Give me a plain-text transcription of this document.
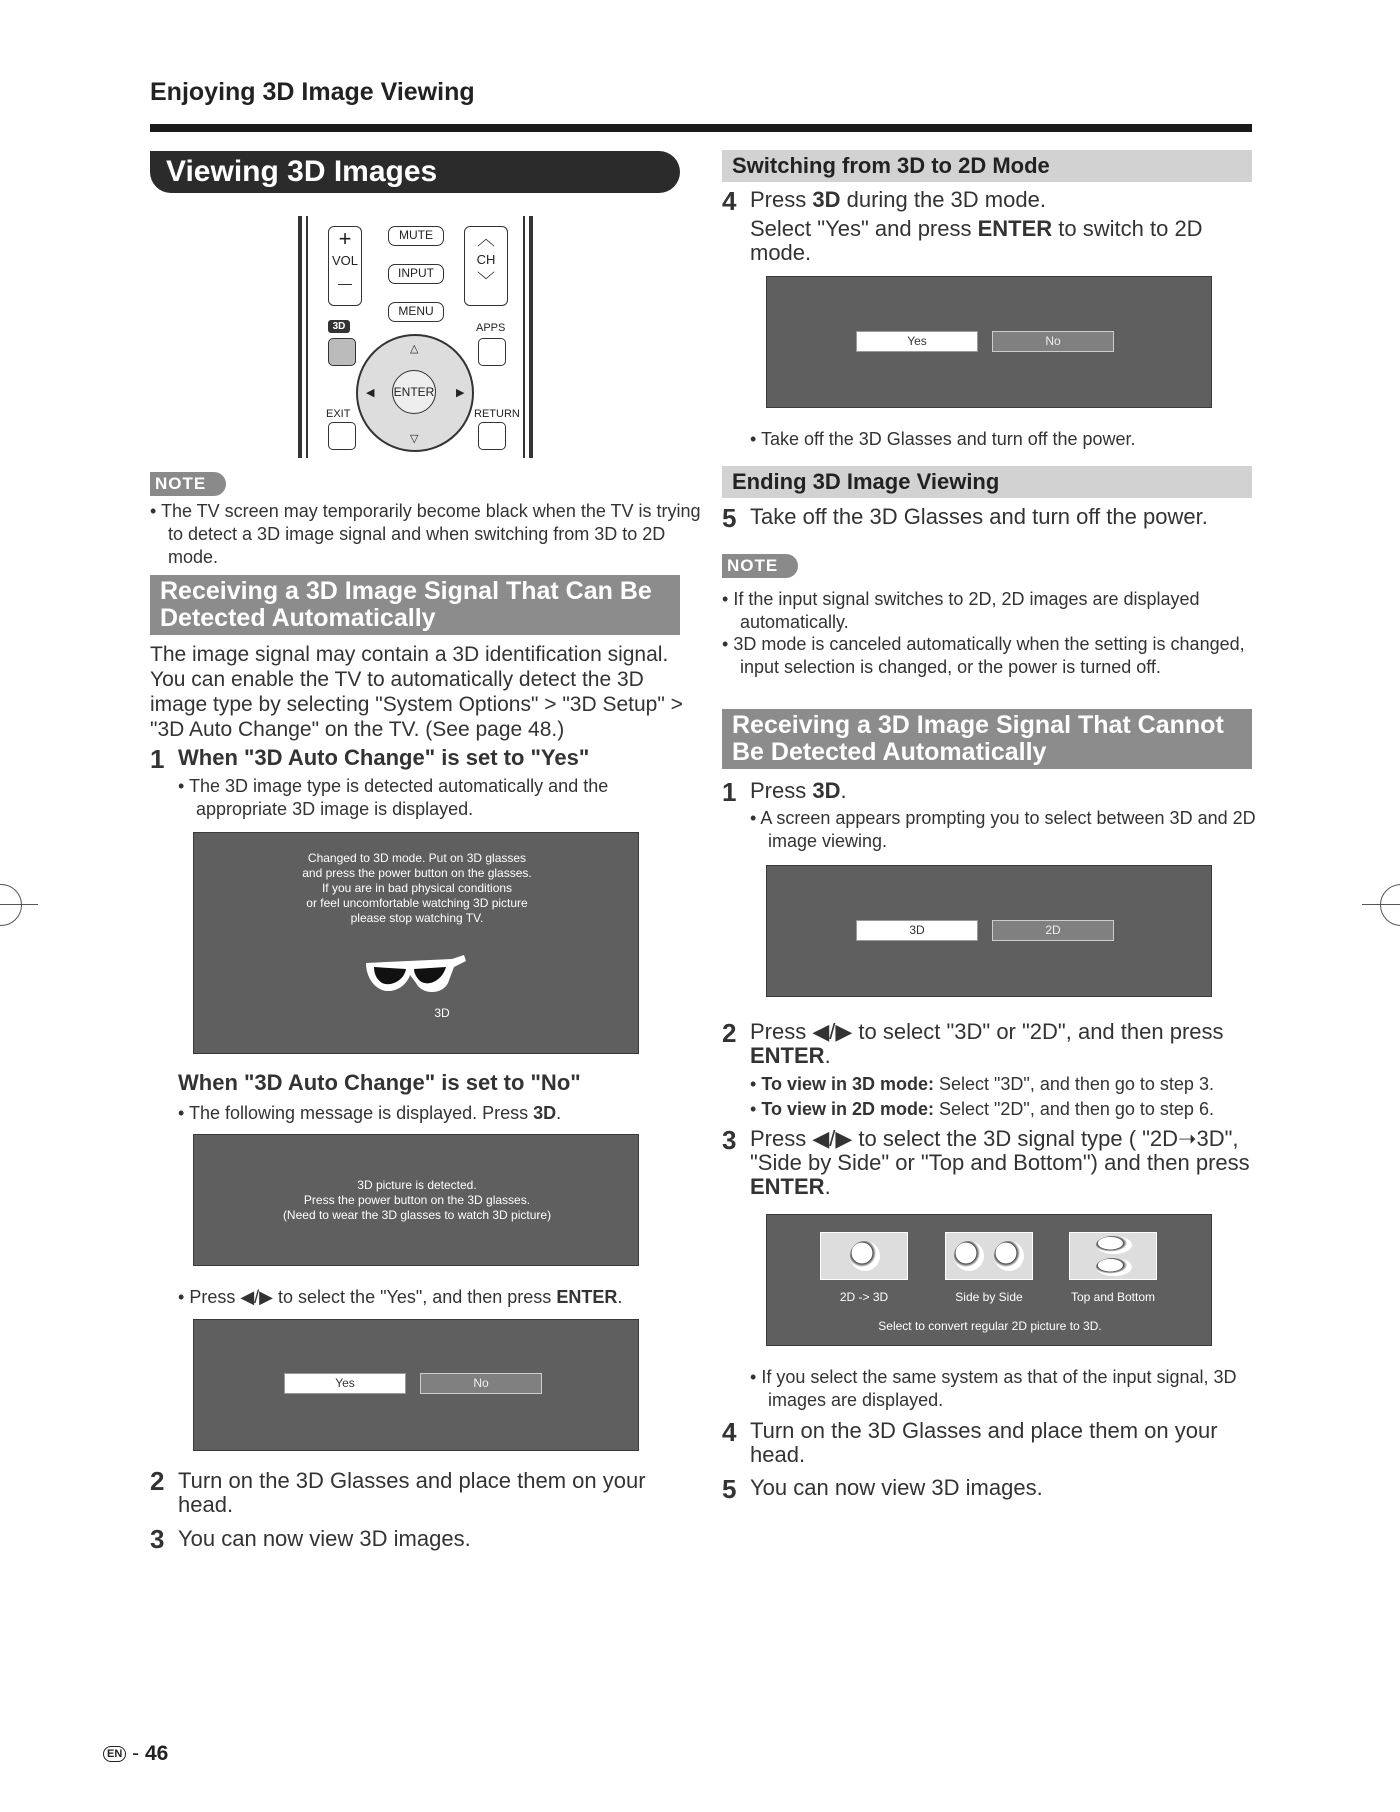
Enjoying 3D Image Viewing
Viewing 3D Images
+
VOL
—
MUTE
INPUT
MENU
︿
CH
﹀
3D	APPS
△
▽
◀	▶
ENTER
EXIT	RETURN
NOTE
• The TV screen may temporarily become black when the TV is trying to detect a 3D image signal and when switching from 3D to 2D mode.
Receiving a 3D Image Signal That Can Be Detected Automatically
The image signal may contain a 3D identification signal. You can enable the TV to automatically detect the 3D image type by selecting "System Options" > "3D Setup" > "3D Auto Change" on the TV. (See page 48.)
1 When "3D Auto Change" is set to "Yes"
• The 3D image type is detected automatically and the appropriate 3D image is displayed.
Changed to 3D mode. Put on 3D glasses
and press the power button on the glasses.
If you are in bad physical conditions
or feel uncomfortable watching 3D picture
please stop watching TV.
3D
When "3D Auto Change" is set to "No"
• The following message is displayed. Press 3D.
3D picture is detected.
Press the power button on the 3D glasses.
(Need to wear the 3D glasses to watch 3D picture)
• Press ◀/▶ to select the "Yes", and then press ENTER.
Yes	No
2 Turn on the 3D Glasses and place them on your head.
3 You can now view 3D images.
Switching from 3D to 2D Mode
4 Press 3D during the 3D mode.
Select "Yes" and press ENTER to switch to 2D mode.
Yes	No
• Take off the 3D Glasses and turn off the power.
Ending 3D Image Viewing
5 Take off the 3D Glasses and turn off the power.
NOTE
• If the input signal switches to 2D, 2D images are displayed automatically.
• 3D mode is canceled automatically when the setting is changed, input selection is changed, or the power is turned off.
Receiving a 3D Image Signal That Cannot Be Detected Automatically
1 Press 3D.
• A screen appears prompting you to select between 3D and 2D image viewing.
3D	2D
2 Press ◀/▶ to select "3D" or "2D", and then press ENTER.
• To view in 3D mode: Select "3D", and then go to step 3.
• To view in 2D mode: Select "2D", and then go to step 6.
3 Press ◀/▶ to select the 3D signal type ( "2D➝3D", "Side by Side" or "Top and Bottom") and then press ENTER.
2D -> 3D	Side by Side	Top and Bottom
Select to convert regular 2D picture to 3D.
• If you select the same system as that of the input signal, 3D images are displayed.
4 Turn on the 3D Glasses and place them on your head.
5 You can now view 3D images.
EN - 46
